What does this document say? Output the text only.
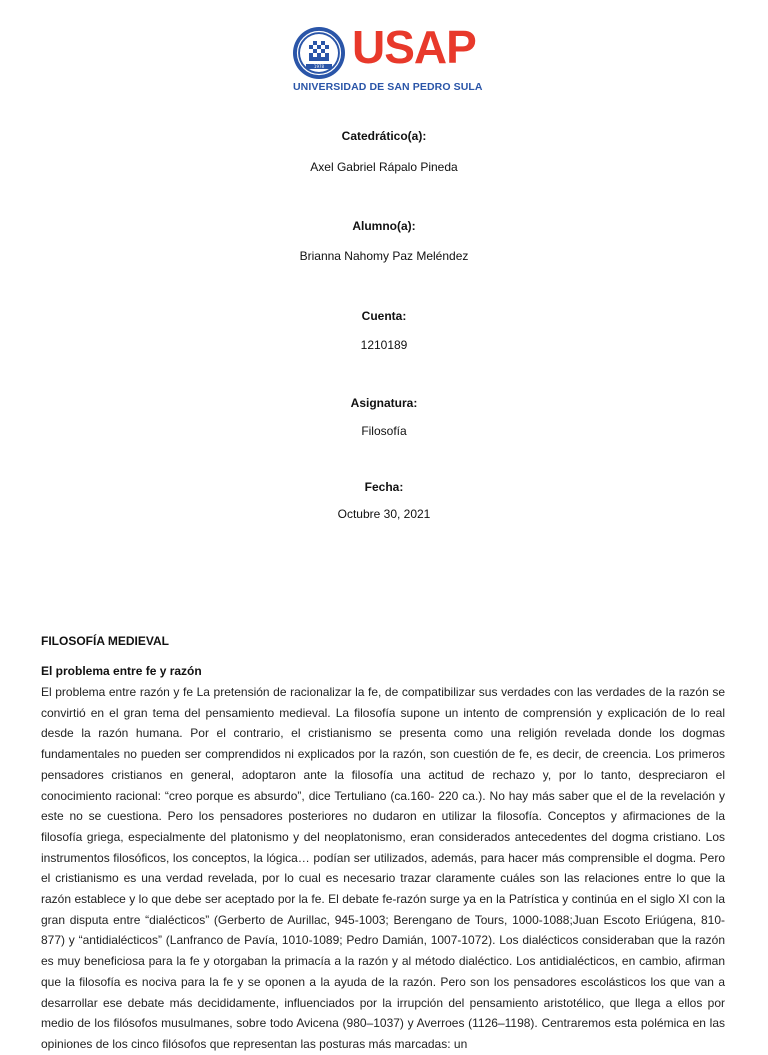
1978 USAP
UNIVERSIDAD DE SAN PEDRO SULA
Catedrático(a):
Axel Gabriel Rápalo Pineda
Alumno(a):
Brianna Nahomy Paz Meléndez
Cuenta:
1210189
Asignatura:
Filosofía
Fecha:
Octubre 30, 2021
FILOSOFÍA MEDIEVAL
El problema entre fe y razón
El problema entre razón y fe La pretensión de racionalizar la fe, de compatibilizar sus verdades con las verdades de la razón se convirtió en el gran tema del pensamiento medieval. La filosofía supone un intento de comprensión y explicación de lo real desde la razón humana. Por el contrario, el cristianismo se presenta como una religión revelada donde los dogmas fundamentales no pueden ser comprendidos ni explicados por la razón, son cuestión de fe, es decir, de creencia. Los primeros pensadores cristianos en general, adoptaron ante la filosofía una actitud de rechazo y, por lo tanto, despreciaron el conocimiento racional: “creo porque es absurdo”, dice Tertuliano (ca.160- 220 ca.). No hay más saber que el de la revelación y este no se cuestiona. Pero los pensadores posteriores no dudaron en utilizar la filosofía. Conceptos y afirmaciones de la filosofía griega, especialmente del platonismo y del neoplatonismo, eran considerados antecedentes del dogma cristiano. Los instrumentos filosóficos, los conceptos, la lógica… podían ser utilizados, además, para hacer más comprensible el dogma. Pero el cristianismo es una verdad revelada, por lo cual es necesario trazar claramente cuáles son las relaciones entre lo que la razón establece y lo que debe ser aceptado por la fe. El debate fe-razón surge ya en la Patrística y continúa en el siglo XI con la gran disputa entre “dialécticos” (Gerberto de Aurillac, 945-1003; Berengano de Tours, 1000-1088;Juan Escoto Eriúgena, 810-877) y “antidialécticos” (Lanfranco de Pavía, 1010-1089; Pedro Damián, 1007-1072). Los dialécticos consideraban que la razón es muy beneficiosa para la fe y otorgaban la primacía a la razón y al método dialéctico. Los antidialécticos, en cambio, afirman que la filosofía es nociva para la fe y se oponen a la ayuda de la razón. Pero son los pensadores escolásticos los que van a desarrollar ese debate más decididamente, influenciados por la irrupción del pensamiento aristotélico, que llega a ellos por medio de los filósofos musulmanes, sobre todo Avicena (980–1037) y Averroes (1126–1198). Centraremos esta polémica en las opiniones de los cinco filósofos que representan las posturas más marcadas: un
